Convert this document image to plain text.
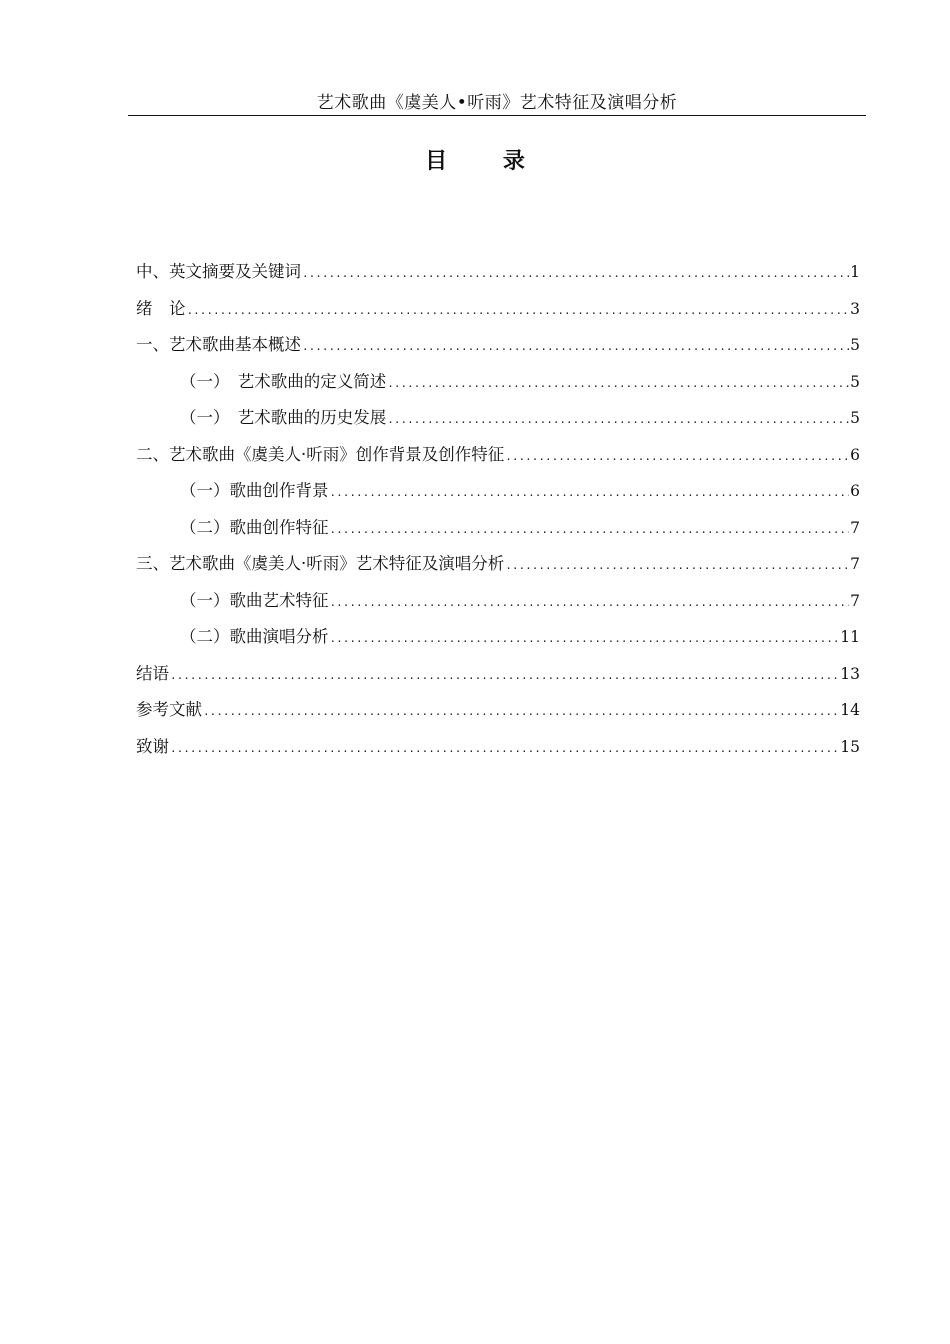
艺术歌曲《虞美人•听雨》艺术特征及演唱分析
目 录
中、英文摘要及关键词 .....	1
绪　论 .....	3
一、艺术歌曲基本概述 .....	5
（一）　艺术歌曲的定义简述 .....	5
（一）　艺术歌曲的历史发展 .....	5
二、艺术歌曲《虞美人·听雨》创作背景及创作特征 .....	6
（一）歌曲创作背景 .....	6
（二）歌曲创作特征 .....	7
三、艺术歌曲《虞美人·听雨》艺术特征及演唱分析 .....	7
（一）歌曲艺术特征 .....	7
（二）歌曲演唱分析 .....	11
结语 .....	13
参考文献 .....	14
致谢 .....	15
